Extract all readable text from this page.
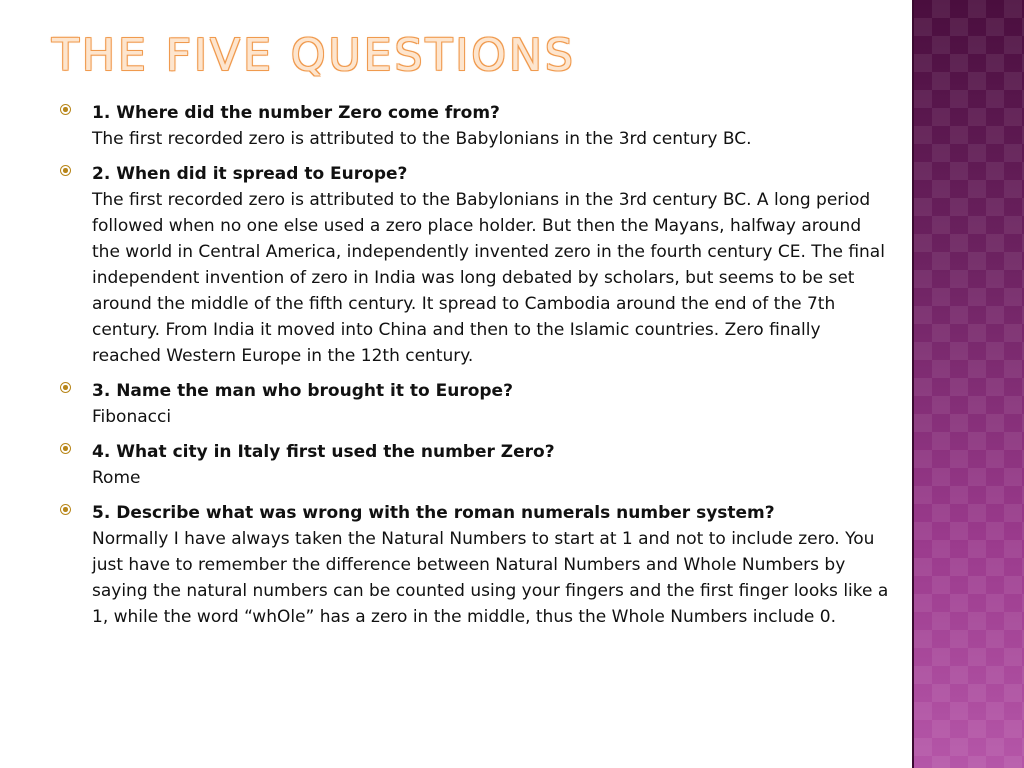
THE FIVE QUESTIONS
1. Where did the number Zero come from?
The first recorded zero is attributed to the Babylonians in the 3rd century BC.
2. When did it spread to Europe?
The first recorded zero is attributed to the Babylonians in the 3rd century BC. A long period followed when no one else used a zero place holder. But then the Mayans, halfway around the world in Central America, independently invented zero in the fourth century CE. The final independent invention of zero in India was long debated by scholars, but seems to be set around the middle of the fifth century. It spread to Cambodia around the end of the 7th century. From India it moved into China and then to the Islamic countries. Zero finally reached Western Europe in the 12th century.
3. Name the man who brought it to Europe?
Fibonacci
4. What city in Italy first used the number Zero?
Rome
5. Describe what was wrong with the roman numerals number system?
Normally I have always taken the Natural Numbers to start at 1 and not to include zero. You just have to remember the difference between Natural Numbers and Whole Numbers by saying the natural numbers can be counted using your fingers and the first finger looks like a 1, while the word “whOle” has a zero in the middle, thus the Whole Numbers include 0.
